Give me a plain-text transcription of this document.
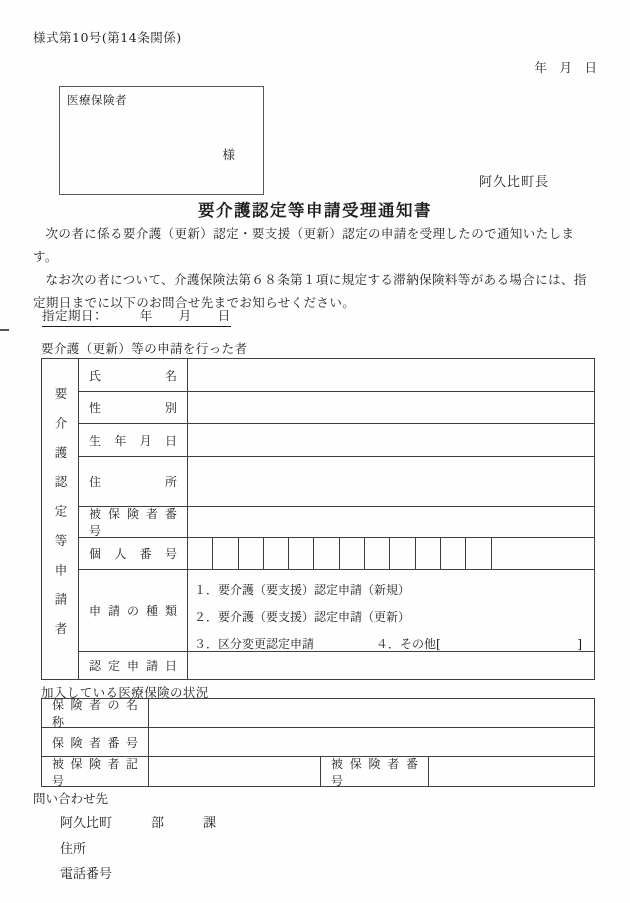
様式第10号(第14条関係)
年　月　日
医療保険者
様
阿久比町長
要介護認定等申請受理通知書

次の者に係る要介護（更新）認定・要支援（更新）認定の申請を受理したので通知いたします。

なお次の者について、介護保険法第６８条第１項に規定する滞納保険料等がある場合には、指定期日までに以下のお問合せ先までお知らせください。

指定期日：　　　年　　月　　日
要介護（更新）等の申請を行った者
要介護認定等申請者
氏 名
性 別
生 年 月 日
住 所
被 保 険 者 番 号
個 人 番 号
申 請 の 種 類
１．要介護（要支援）認定申請（新規）
２．要介護（要支援）認定申請（更新）
３．区分変更認定申請	４．その他[	]
認 定 申 請 日
加入している医療保険の状況
保 険 者 の 名 称
保 険 者 番 号
被 保 険 者 記 号
被 保 険 者 番 号
問い合わせ先
阿久比町　　　部　　　課
住所
電話番号
